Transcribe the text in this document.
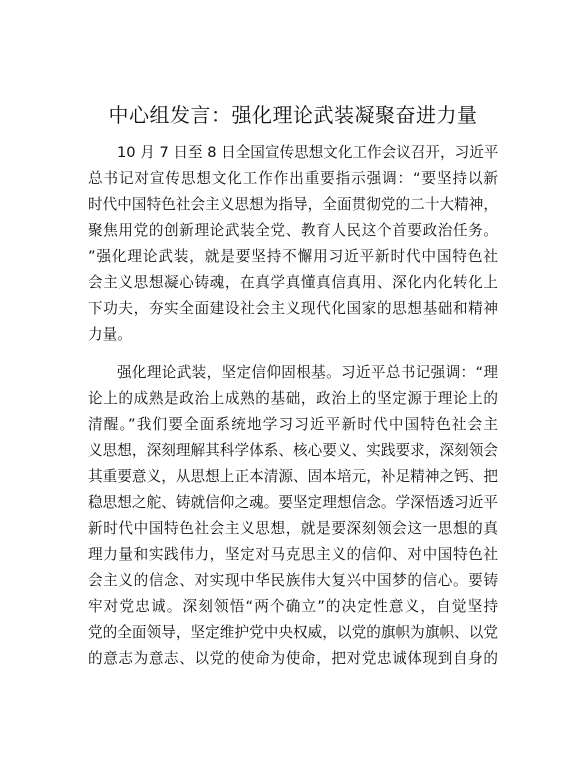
中心组发言：强化理论武装凝聚奋进力量
10 月 7 日至 8 日全国宣传思想文化工作会议召开，习近平
总书记对宣传思想文化工作作出重要指示强调：“要坚持以新
时代中国特色社会主义思想为指导，全面贯彻党的二十大精神，
聚焦用党的创新理论武装全党、教育人民这个首要政治任务。
”强化理论武装，就是要坚持不懈用习近平新时代中国特色社
会主义思想凝心铸魂，在真学真懂真信真用、深化内化转化上
下功夫，夯实全面建设社会主义现代化国家的思想基础和精神
力量。
强化理论武装，坚定信仰固根基。习近平总书记强调：“理
论上的成熟是政治上成熟的基础，政治上的坚定源于理论上的
清醒。”我们要全面系统地学习习近平新时代中国特色社会主
义思想，深刻理解其科学体系、核心要义、实践要求，深刻领会
其重要意义，从思想上正本清源、固本培元，补足精神之钙、把
稳思想之舵、铸就信仰之魂。要坚定理想信念。学深悟透习近平
新时代中国特色社会主义思想，就是要深刻领会这一思想的真
理力量和实践伟力，坚定对马克思主义的信仰、对中国特色社
会主义的信念、对实现中华民族伟大复兴中国梦的信心。要铸
牢对党忠诚。深刻领悟“两个确立”的决定性意义，自觉坚持
党的全面领导，坚定维护党中央权威，以党的旗帜为旗帜、以党
的意志为意志、以党的使命为使命，把对党忠诚体现到自身的
